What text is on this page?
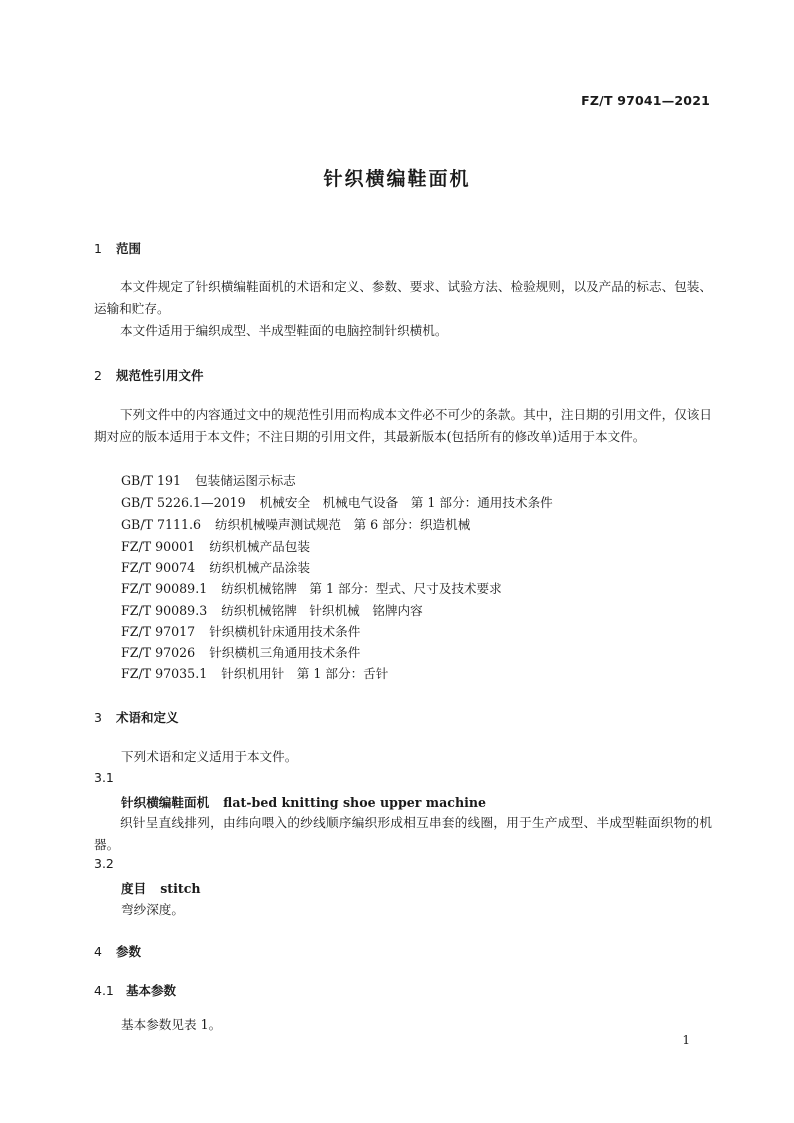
FZ/T 97041—2021
针织横编鞋面机
1 范围

本文件规定了针织横编鞋面机的术语和定义、参数、要求、试验方法、检验规则，以及产品的标志、包装、运输和贮存。

本文件适用于编织成型、半成型鞋面的电脑控制针织横机。

2 规范性引用文件

下列文件中的内容通过文中的规范性引用而构成本文件必不可少的条款。其中，注日期的引用文件，仅该日期对应的版本适用于本文件；不注日期的引用文件，其最新版本(包括所有的修改单)适用于本文件。

GB/T 191 包装储运图示标志
GB/T 5226.1—2019 机械安全　机械电气设备　第 1 部分：通用技术条件
GB/T 7111.6 纺织机械噪声测试规范　第 6 部分：织造机械
FZ/T 90001 纺织机械产品包装
FZ/T 90074 纺织机械产品涂装
FZ/T 90089.1 纺织机械铭牌　第 1 部分：型式、尺寸及技术要求
FZ/T 90089.3 纺织机械铭牌　针织机械　铭牌内容
FZ/T 97017 针织横机针床通用技术条件
FZ/T 97026 针织横机三角通用技术条件
FZ/T 97035.1 针织机用针　第 1 部分：舌针
3 术语和定义
下列术语和定义适用于本文件。
3.1
针织横编鞋面机 flat-bed knitting shoe upper machine

织针呈直线排列，由纬向喂入的纱线顺序编织形成相互串套的线圈，用于生产成型、半成型鞋面织物的机器。

3.2
度目 stitch
弯纱深度。
4 参数
4.1 基本参数
基本参数见表 1。
1
